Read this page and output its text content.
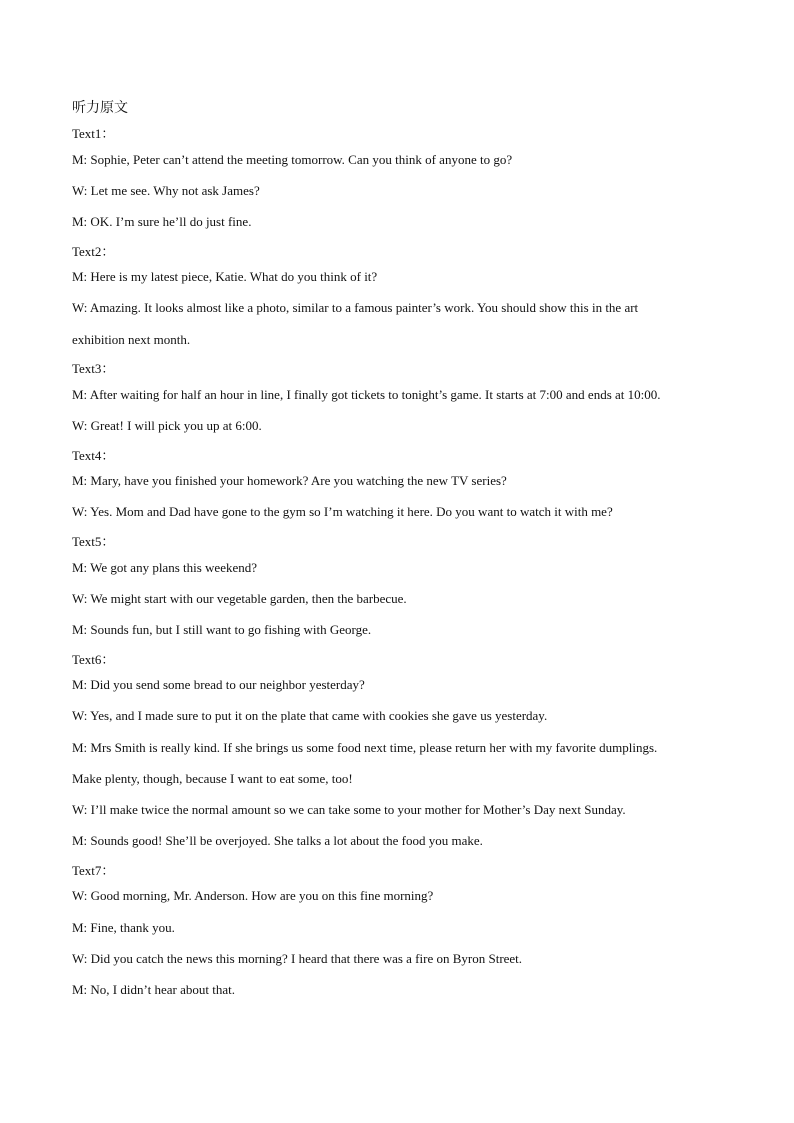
听力原文
Text1：
M: Sophie, Peter can’t attend the meeting tomorrow. Can you think of anyone to go?
W: Let me see. Why not ask James?
M: OK. I’m sure he’ll do just fine.
Text2：
M: Here is my latest piece, Katie. What do you think of it?
W: Amazing. It looks almost like a photo, similar to a famous painter’s work. You should show this in the art
exhibition next month.
Text3：
M: After waiting for half an hour in line, I finally got tickets to tonight’s game. It starts at 7:00 and ends at 10:00.
W: Great! I will pick you up at 6:00.
Text4：
M: Mary, have you finished your homework? Are you watching the new TV series?
W: Yes. Mom and Dad have gone to the gym so I’m watching it here. Do you want to watch it with me?
Text5：
M: We got any plans this weekend?
W: We might start with our vegetable garden, then the barbecue.
M: Sounds fun, but I still want to go fishing with George.
Text6：
M: Did you send some bread to our neighbor yesterday?
W: Yes, and I made sure to put it on the plate that came with cookies she gave us yesterday.
M: Mrs Smith is really kind. If she brings us some food next time, please return her with my favorite dumplings.
Make plenty, though, because I want to eat some, too!
W: I’ll make twice the normal amount so we can take some to your mother for Mother’s Day next Sunday.
M: Sounds good! She’ll be overjoyed. She talks a lot about the food you make.
Text7：
W: Good morning, Mr. Anderson. How are you on this fine morning?
M: Fine, thank you.
W: Did you catch the news this morning? I heard that there was a fire on Byron Street.
M: No, I didn’t hear about that.
